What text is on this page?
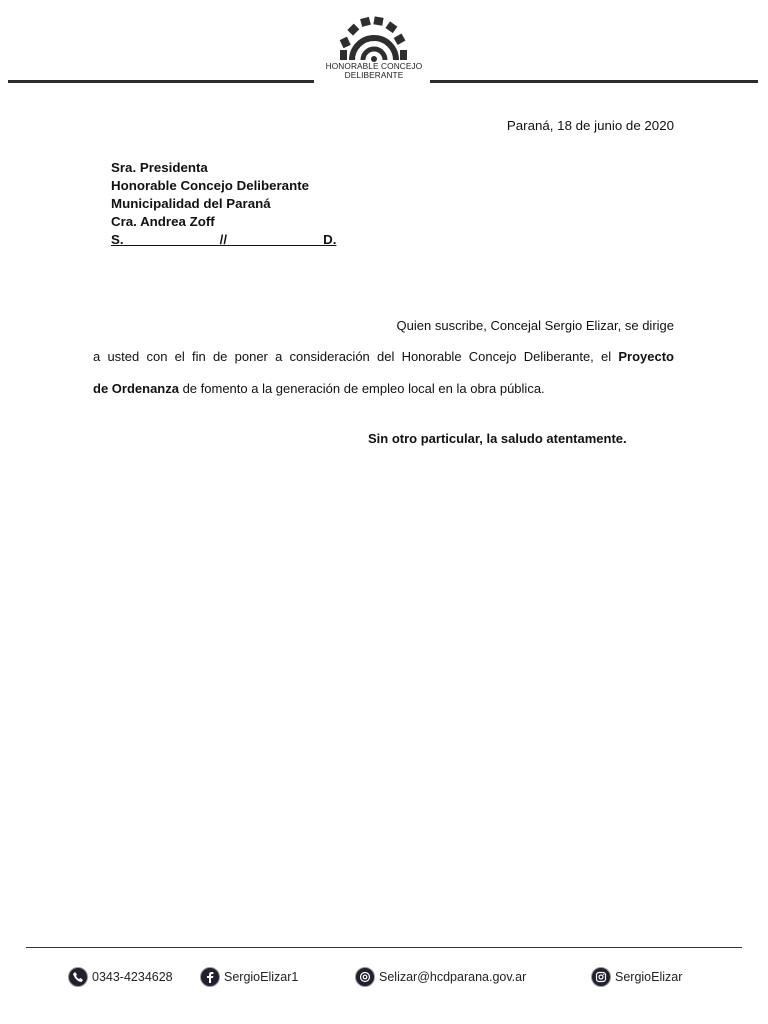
HONORABLE CONCEJO
DELIBERANTE
Paraná, 18 de junio de 2020
Sra. Presidenta
Honorable Concejo Deliberante
Municipalidad del Paraná
Cra. Andrea Zoff
S.	//	D.
Quien suscribe, Concejal Sergio Elizar, se dirige
a usted con el fin de poner a consideración del Honorable Concejo Deliberante, el Proyecto
de Ordenanza de fomento a la generación de empleo local en la obra pública.
Sin otro particular, la saludo atentamente.
0343-4234628	SergioElizar1	Selizar@hcdparana.gov.ar	SergioElizar
